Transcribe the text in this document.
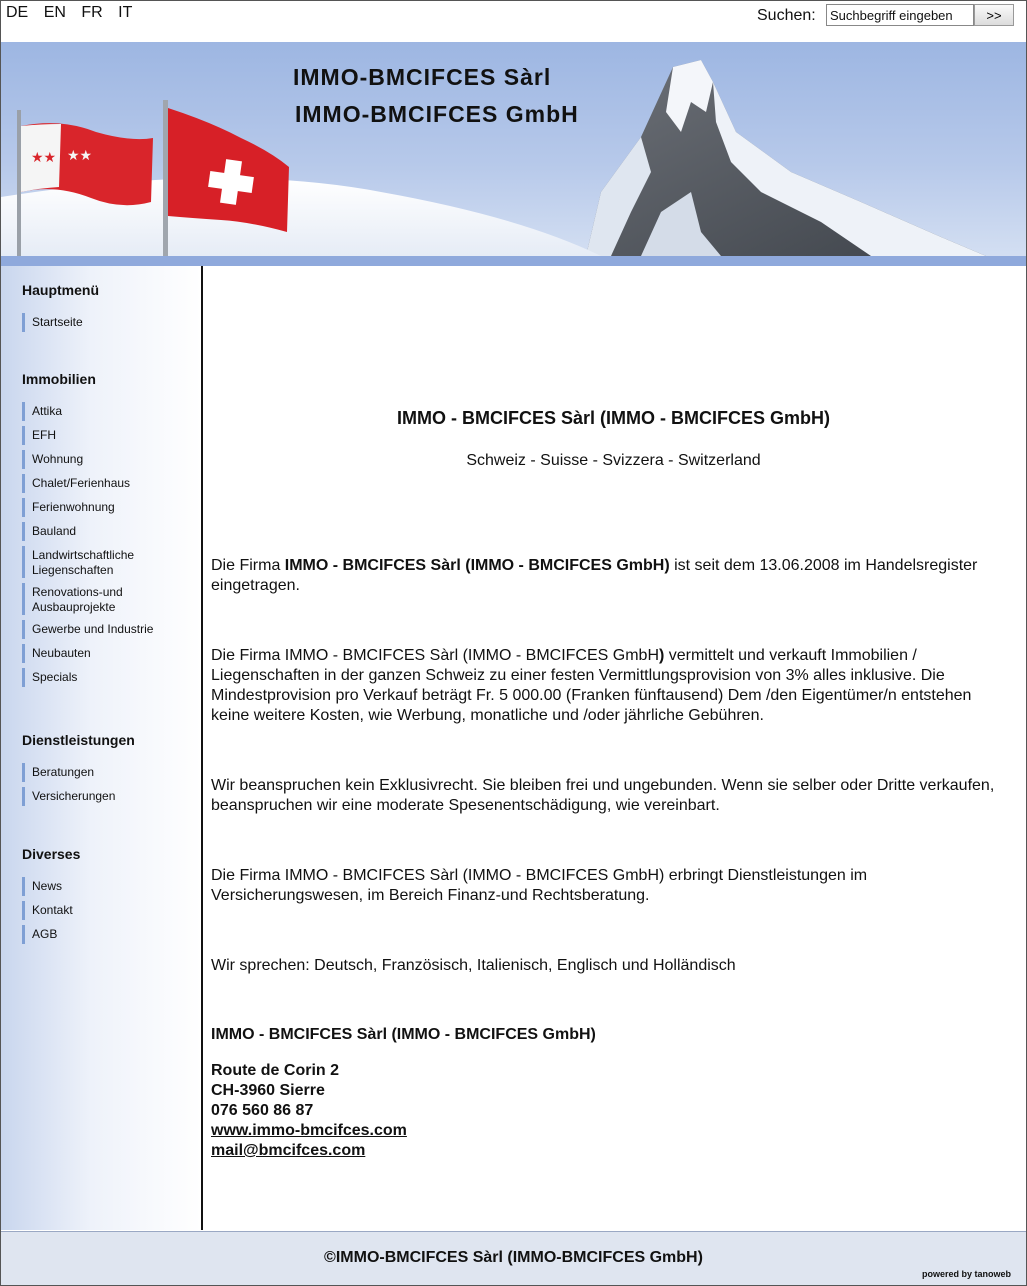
DE EN FR IT	Suchen:
Suchbegriff eingeben	>>
★★ ★★
IMMO-BMCIFCES Sàrl
IMMO-BMCIFCES GmbH
Hauptmenü
Startseite
Immobilien
Attika
EFH
Wohnung
Chalet/Ferienhaus
Ferienwohnung
Bauland
Landwirtschaftliche Liegenschaften
Renovations-und Ausbauprojekte
Gewerbe und Industrie
Neubauten
Specials
Dienstleistungen
Beratungen
Versicherungen
Diverses
News
Kontakt
AGB
IMMO - BMCIFCES Sàrl (IMMO - BMCIFCES GmbH)
Schweiz - Suisse - Svizzera - Switzerland
Die Firma IMMO - BMCIFCES Sàrl (IMMO - BMCIFCES GmbH) ist seit dem 13.06.2008 im Handelsregister eingetragen.
Die Firma IMMO - BMCIFCES Sàrl (IMMO - BMCIFCES GmbH) vermittelt und verkauft Immobilien / Liegenschaften in der ganzen Schweiz zu einer festen Vermittlungsprovision von 3% alles inklusive. Die Mindestprovision pro Verkauf beträgt Fr. 5 000.00 (Franken fünftausend) Dem /den Eigentümer/n entstehen keine weitere Kosten, wie Werbung, monatliche und /oder jährliche Gebühren.
Wir beanspruchen kein Exklusivrecht. Sie bleiben frei und ungebunden. Wenn sie selber oder Dritte verkaufen, beanspruchen wir eine moderate Spesenentschädigung, wie vereinbart.
Die Firma IMMO - BMCIFCES Sàrl (IMMO - BMCIFCES GmbH) erbringt Dienstleistungen im Versicherungswesen, im Bereich Finanz-und Rechtsberatung.
Wir sprechen: Deutsch, Französisch, Italienisch, Englisch und Holländisch
IMMO - BMCIFCES Sàrl (IMMO - BMCIFCES GmbH)
Route de Corin 2
CH-3960 Sierre
076 560 86 87
www.immo-bmcifces.com
mail@bmcifces.com
©IMMO-BMCIFCES Sàrl (IMMO-BMCIFCES GmbH)
powered by tanoweb
